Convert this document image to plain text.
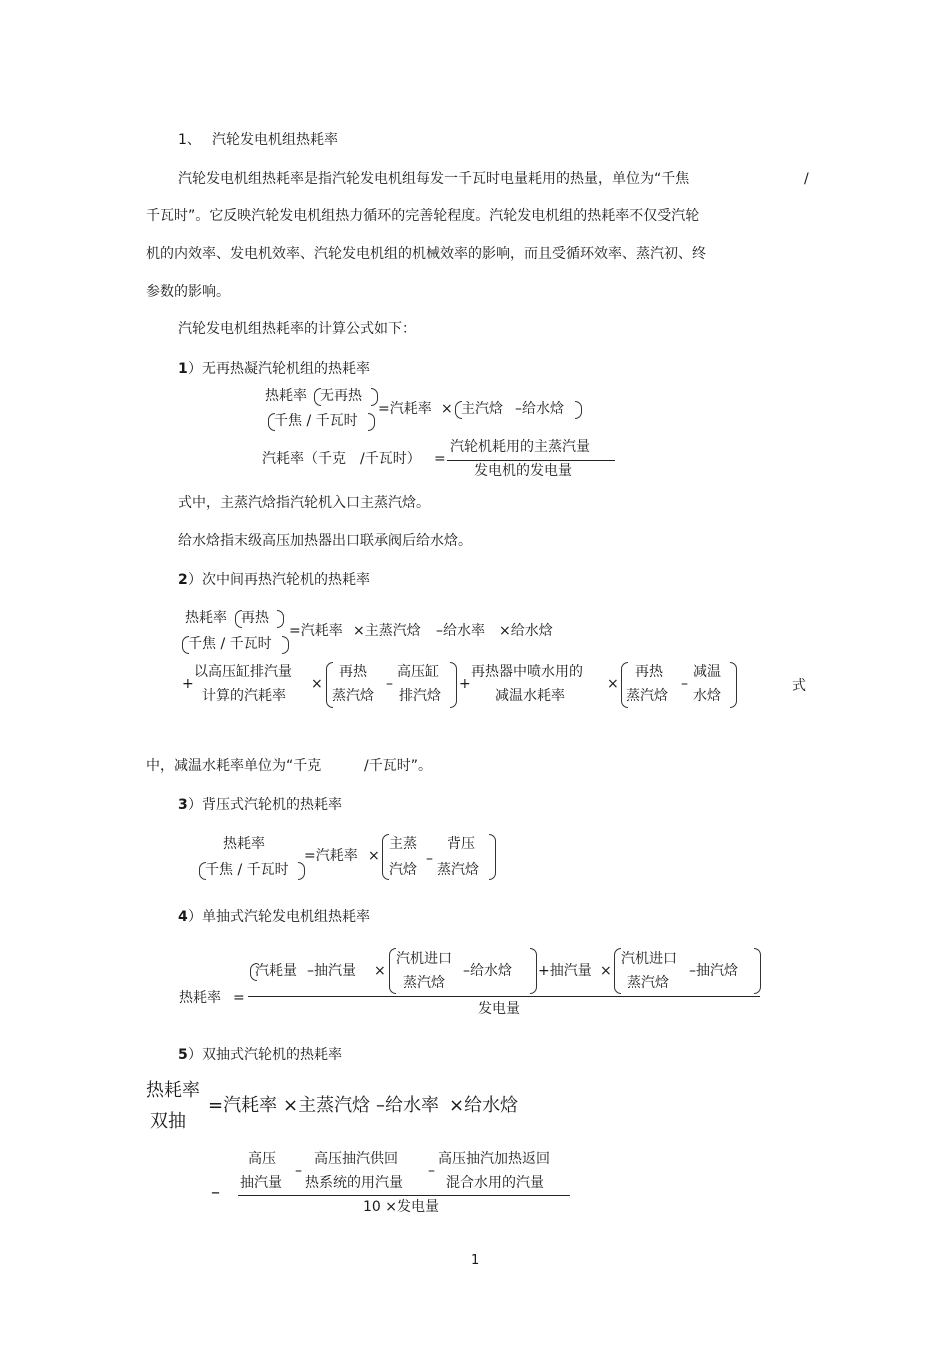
1、 汽轮发电机组热耗率
汽轮发电机组热耗率是指汽轮发电机组每发一千瓦时电量耗用的热量，单位为“千焦	/
千瓦时”。它反映汽轮发电机组热力循环的完善轮程度。汽轮发电机组的热耗率不仅受汽轮
机的内效率、发电机效率、汽轮发电机组的机械效率的影响，而且受循环效率、蒸汽初、终
参数的影响。
汽轮发电机组热耗率的计算公式如下：
1 ）无再热凝汽轮机组的热耗率
热耗率 无再热
千焦 / 千瓦时
=汽耗率 × 主汽焓 –给水焓
汽耗率（千克 /千瓦时） =
汽轮机耗用的主蒸汽量
发电机的发电量
式中，主蒸汽焓指汽轮机入口主蒸汽焓。
给水焓指末级高压加热器出口联承阀后给水焓。
2 ）次中间再热汽轮机的热耗率
热耗率 再热
千焦 / 千瓦时
=汽耗率 ×主蒸汽焓 –给水率 ×给水焓
+
以高压缸排汽量
计算的汽耗率
×
再热
蒸汽焓
–
高压缸
排汽焓
+
再热器中喷水用的
减温水耗率
×
再热
蒸汽焓
–
减温
水焓
式
中，减温水耗率单位为“千克	/千瓦时”。
3 ）背压式汽轮机的热耗率
热耗率
千焦 / 千瓦时
=汽耗率 ×
主蒸
汽焓
–
背压
蒸汽焓
4 ）单抽式汽轮发电机组热耗率
热耗率 =
汽耗量 –抽汽量 ×
汽机进口
蒸汽焓
–给水焓 +抽汽量 ×
汽机进口
蒸汽焓
–抽汽焓
发电量
5 ）双抽式汽轮机的热耗率
热耗率
双抽
=汽耗率 ×主蒸汽焓 –给水率 ×给水焓
–
高压
抽汽量
–
高压抽汽供回
热系统的用汽量
–
高压抽汽加热返回
混合水用的汽量
10 ×发电量
1
